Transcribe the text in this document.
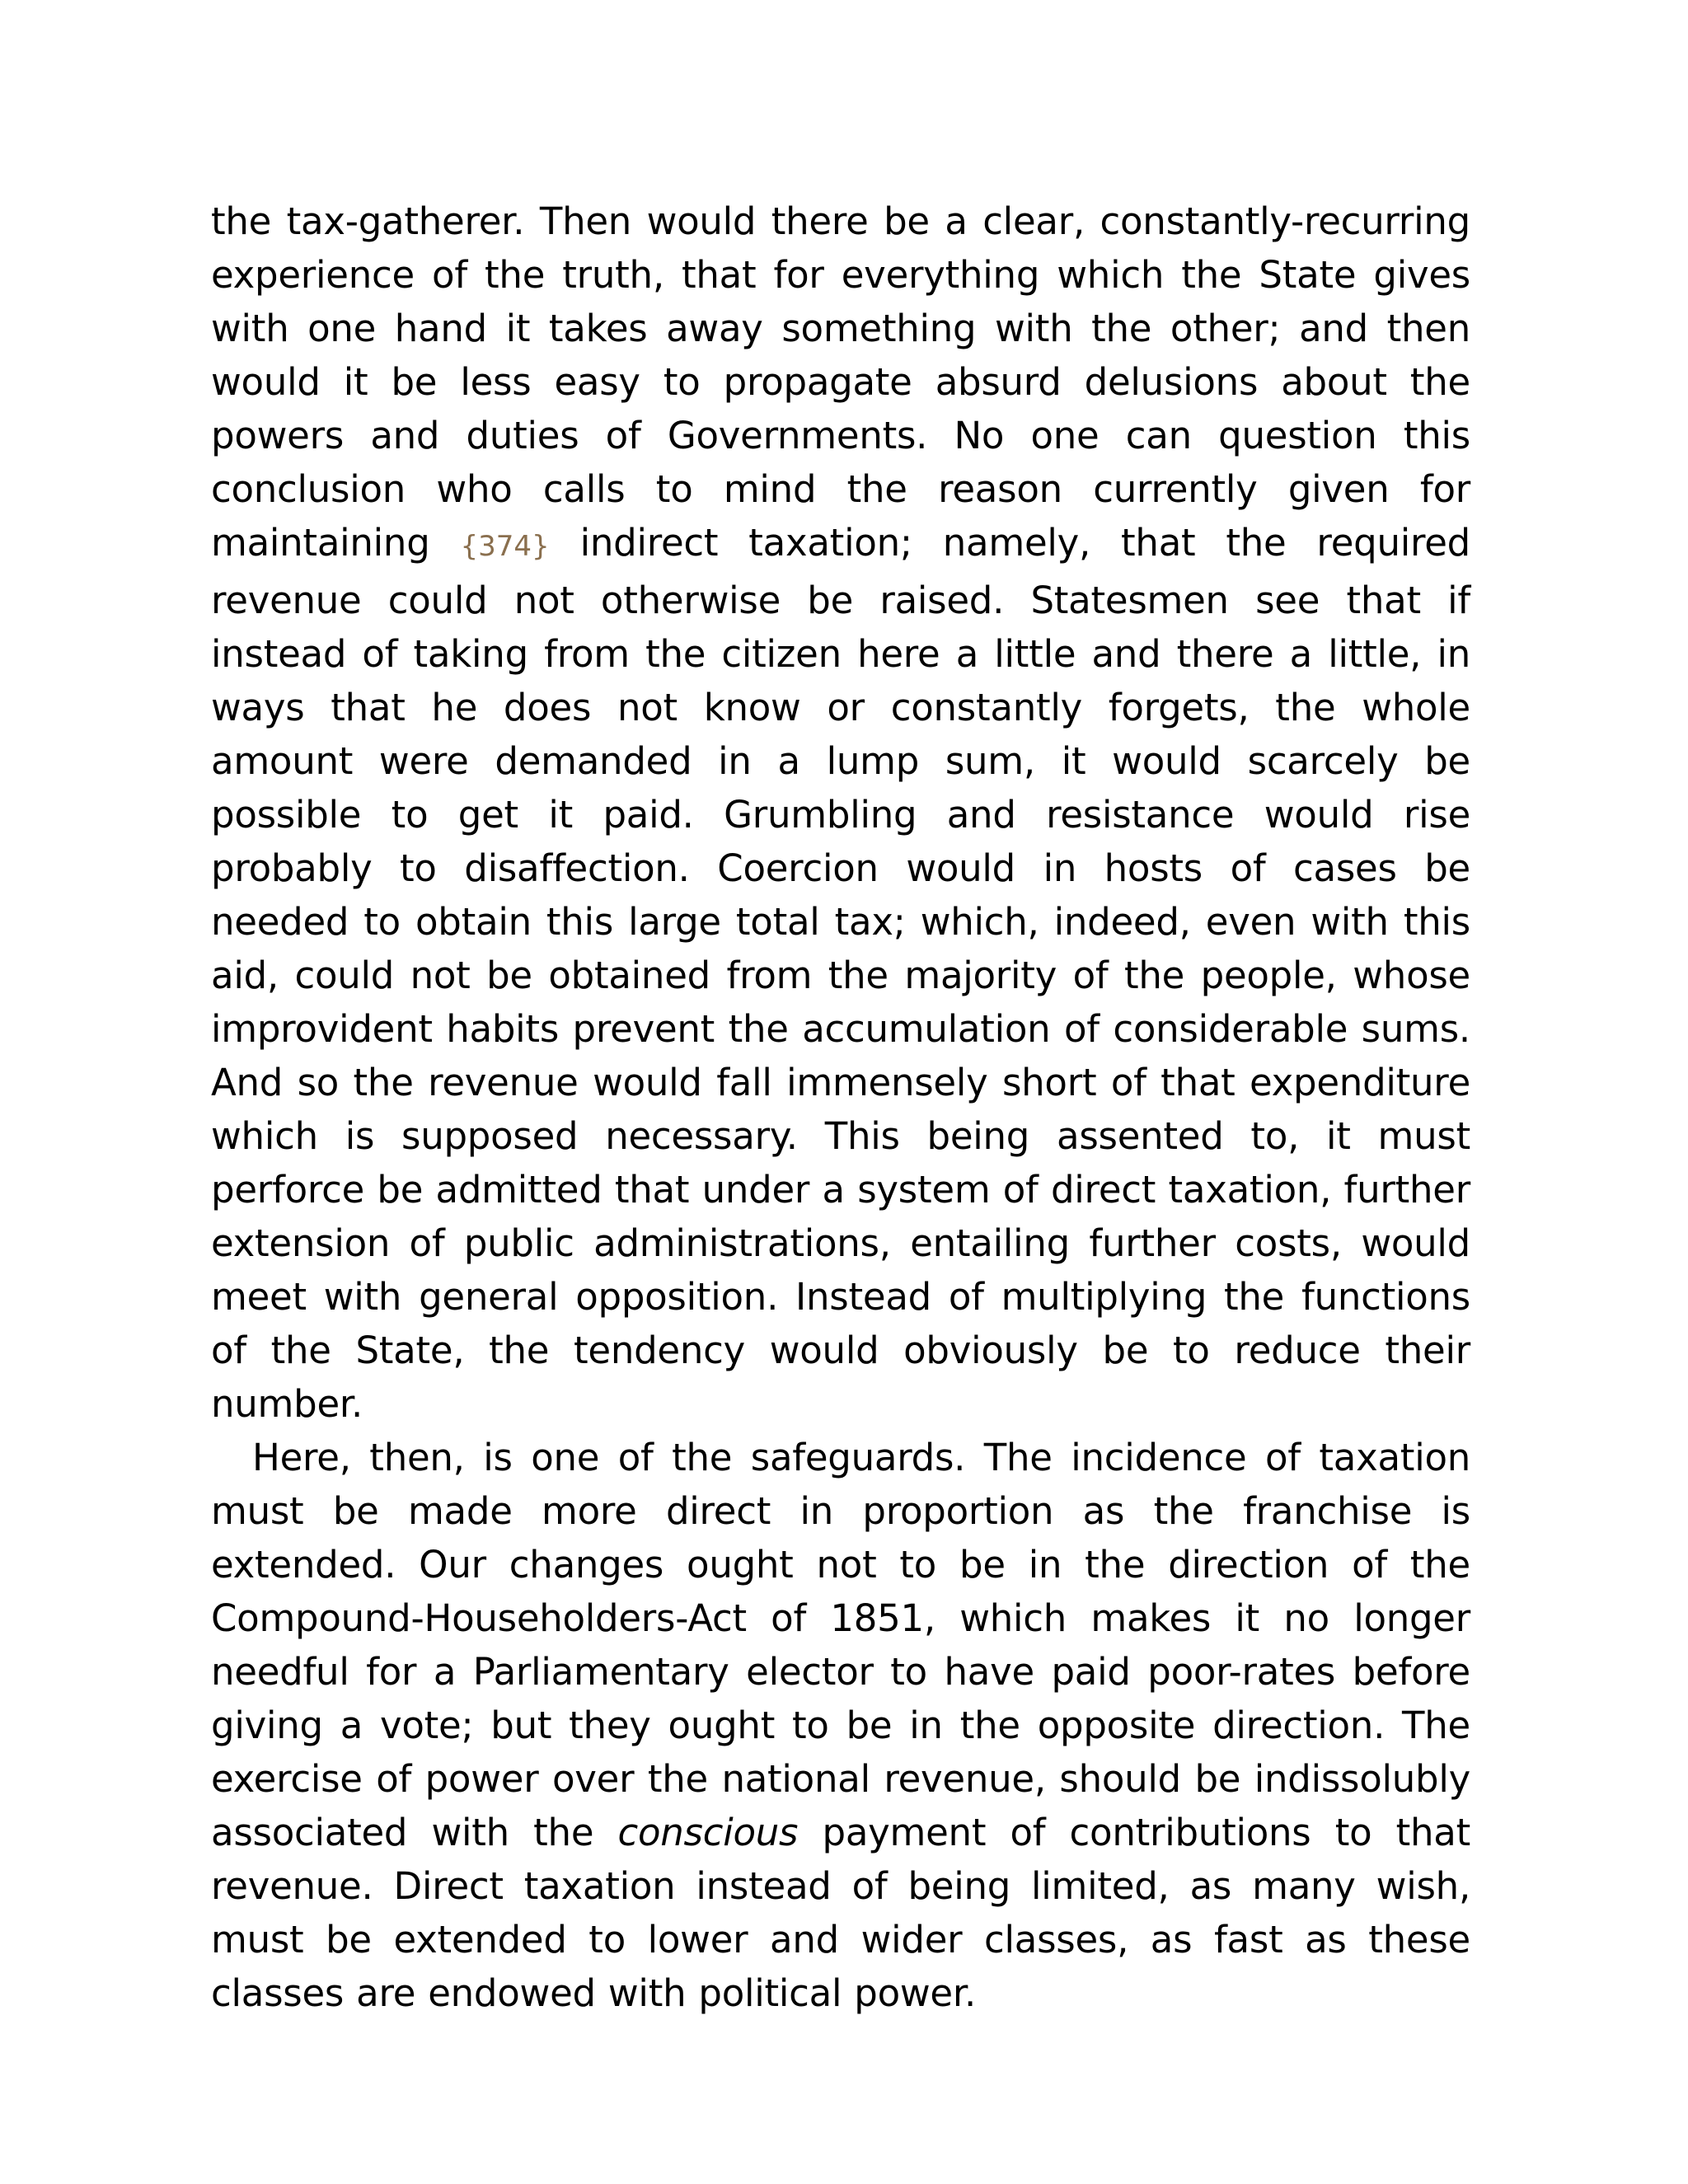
the tax-gatherer. Then would there be a clear, constantly-recurring experience of the truth, that for everything which the State gives with one hand it takes away something with the other; and then would it be less easy to propagate absurd delusions about the powers and duties of Governments. No one can question this conclusion who calls to mind the reason currently given for maintaining {374} indirect taxation; namely, that the required revenue could not otherwise be raised. Statesmen see that if instead of taking from the citizen here a little and there a little, in ways that he does not know or constantly forgets, the whole amount were demanded in a lump sum, it would scarcely be possible to get it paid. Grumbling and resistance would rise probably to disaffection. Coercion would in hosts of cases be needed to obtain this large total tax; which, indeed, even with this aid, could not be obtained from the majority of the people, whose improvident habits prevent the accumulation of considerable sums. And so the revenue would fall immensely short of that expenditure which is supposed necessary. This being assented to, it must perforce be admitted that under a system of direct taxation, further extension of public administrations, entailing further costs, would meet with general opposition. Instead of multiplying the functions of the State, the tendency would obviously be to reduce their number.

Here, then, is one of the safeguards. The incidence of taxation must be made more direct in proportion as the franchise is extended. Our changes ought not to be in the direction of the Compound-Householders-Act of 1851, which makes it no longer needful for a Parliamentary elector to have paid poor-rates before giving a vote; but they ought to be in the opposite direction. The exercise of power over the national revenue, should be indissolubly associated with the conscious payment of contributions to that revenue. Direct taxation instead of being limited, as many wish, must be extended to lower and wider classes, as fast as these classes are endowed with political power.
